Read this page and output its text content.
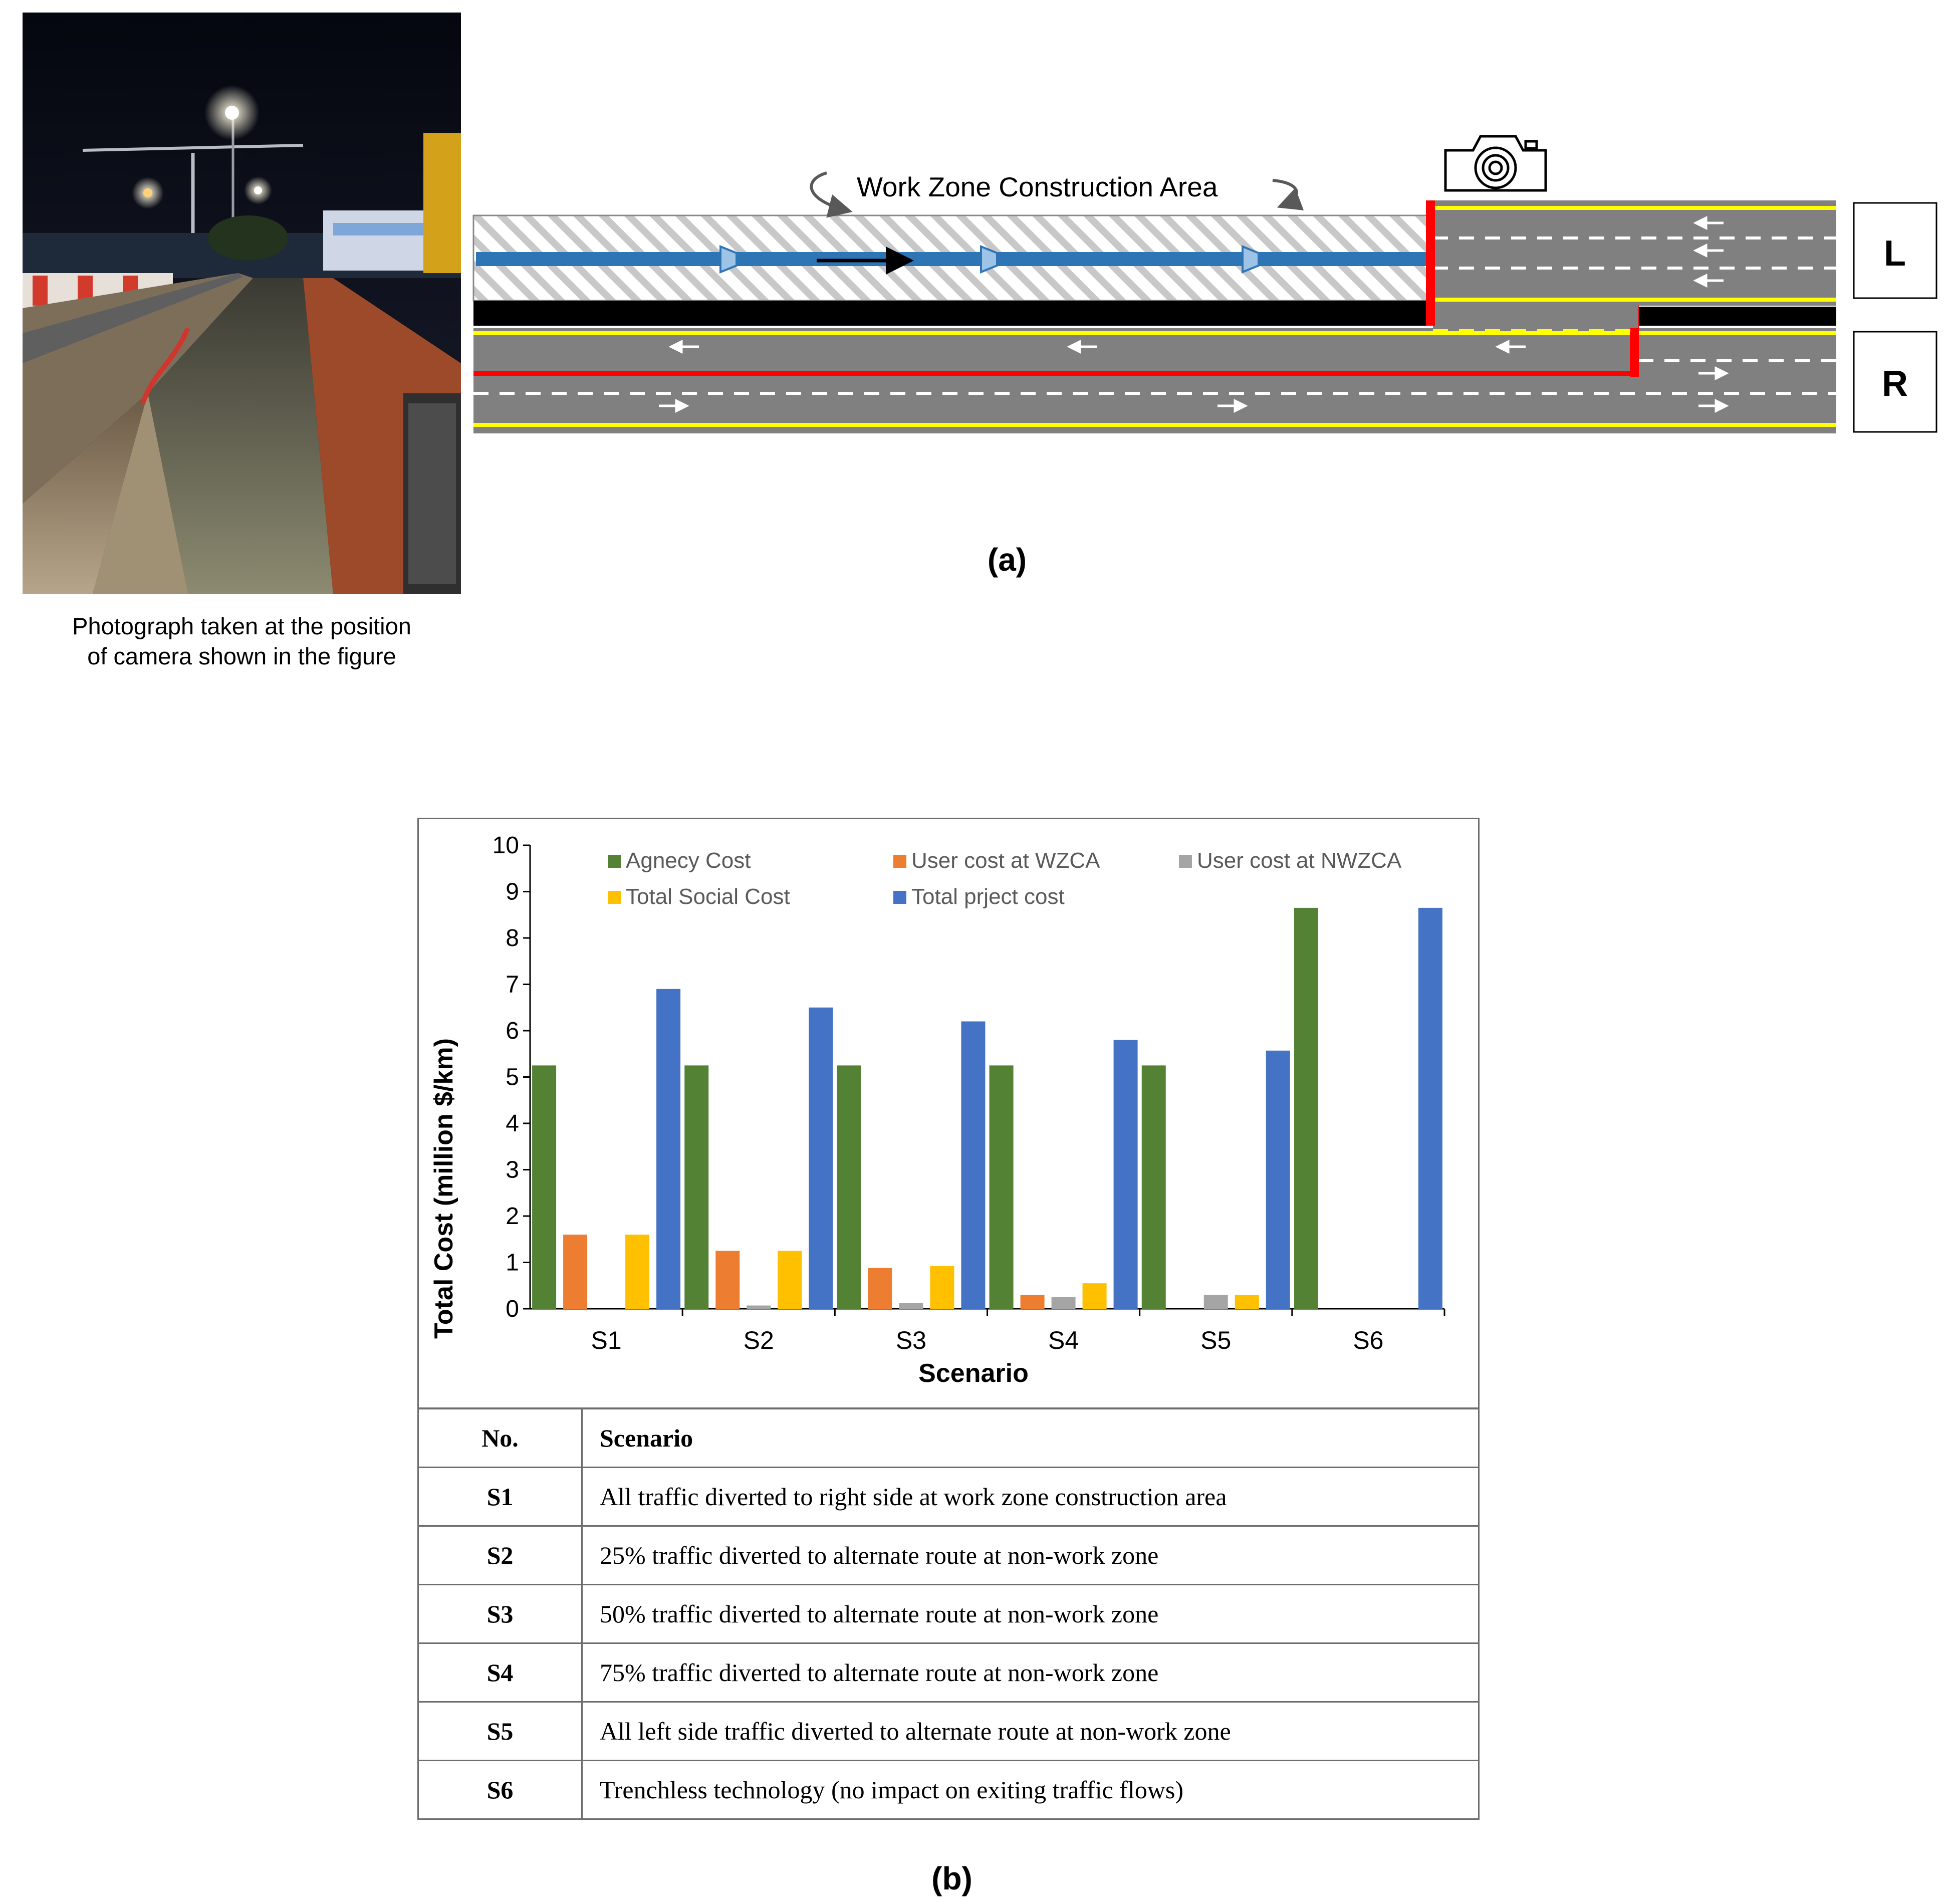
Photograph taken at the position
of camera shown in the figure
Work Zone Construction Area
L
R
(a)
0
1
2
3
4
5
6
7
8
9
10
S1	S2	S3	S4	S5	S6
Agnecy Cost	User cost at WZCA	User cost at NWZCA
Total Social Cost	Total prject cost
Total Cost (million $/km)
Scenario
No.	Scenario
S1	All traffic diverted to right side at work zone construction area
S2	25% traffic diverted to alternate route at non-work zone
S3	50% traffic diverted to alternate route at non-work zone
S4	75% traffic diverted to alternate route at non-work zone
S5	All left side traffic diverted to alternate route at non-work zone
S6	Trenchless technology (no impact on exiting traffic flows)
(b)
